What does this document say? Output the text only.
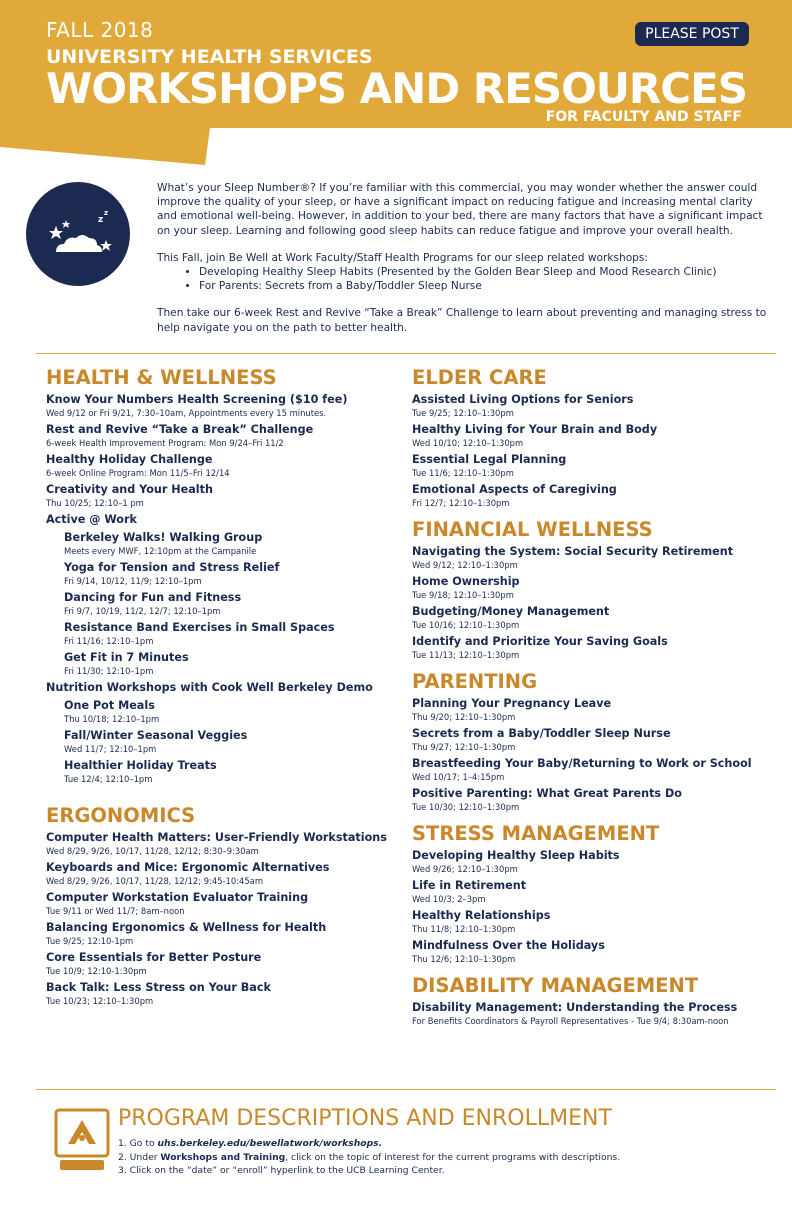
FALL 2018
UNIVERSITY HEALTH SERVICES
WORKSHOPS AND RESOURCES
FOR FACULTY AND STAFF
PLEASE POST
z
z

What’s your Sleep Number®? If you’re familiar with this commercial, you may wonder whether the answer could improve the quality of your sleep, or have a significant impact on reducing fatigue and increasing mental clarity and emotional well-being. However, in addition to your bed, there are many factors that have a significant impact on your sleep. Learning and following good sleep habits can reduce fatigue and improve your overall health.

This Fall, join Be Well at Work Faculty/Staff Health Programs for our sleep related workshops:

• Developing Healthy Sleep Habits (Presented by the Golden Bear Sleep and Mood Research Clinic)
• For Parents: Secrets from a Baby/Toddler Sleep Nurse

Then take our 6-week Rest and Revive “Take a Break” Challenge to learn about preventing and managing stress to help navigate you on the path to better health.

HEALTH & WELLNESS
Know Your Numbers Health Screening ($10 fee)
Wed 9/12 or Fri 9/21, 7:30–10am, Appointments every 15 minutes.
Rest and Revive “Take a Break” Challenge
6-week Health Improvement Program: Mon 9/24–Fri 11/2
Healthy Holiday Challenge
6-week Online Program: Mon 11/5–Fri 12/14
Creativity and Your Health
Thu 10/25; 12:10–1 pm
Active @ Work
Berkeley Walks! Walking Group
Meets every MWF, 12:10pm at the Campanile
Yoga for Tension and Stress Relief
Fri 9/14, 10/12, 11/9; 12:10–1pm
Dancing for Fun and Fitness
Fri 9/7, 10/19, 11/2, 12/7; 12:10–1pm
Resistance Band Exercises in Small Spaces
Fri 11/16; 12:10–1pm
Get Fit in 7 Minutes
Fri 11/30; 12:10–1pm
Nutrition Workshops with Cook Well Berkeley Demo
One Pot Meals
Thu 10/18; 12:10–1pm
Fall/Winter Seasonal Veggies
Wed 11/7; 12:10–1pm
Healthier Holiday Treats
Tue 12/4; 12:10–1pm
ERGONOMICS
Computer Health Matters: User-Friendly Workstations
Wed 8/29, 9/26, 10/17, 11/28, 12/12; 8:30–9:30am
Keyboards and Mice: Ergonomic Alternatives
Wed 8/29, 9/26, 10/17, 11/28, 12/12; 9:45-10:45am
Computer Workstation Evaluator Training
Tue 9/11 or Wed 11/7; 8am–noon
Balancing Ergonomics & Wellness for Health
Tue 9/25; 12:10-1pm
Core Essentials for Better Posture
Tue 10/9; 12:10-1:30pm
Back Talk: Less Stress on Your Back
Tue 10/23; 12:10–1:30pm
ELDER CARE
Assisted Living Options for Seniors
Tue 9/25; 12:10–1:30pm
Healthy Living for Your Brain and Body
Wed 10/10; 12:10–1:30pm
Essential Legal Planning
Tue 11/6; 12:10–1:30pm
Emotional Aspects of Caregiving
Fri 12/7; 12:10–1:30pm
FINANCIAL WELLNESS
Navigating the System: Social Security Retirement
Wed 9/12; 12:10–1:30pm
Home Ownership
Tue 9/18; 12:10–1:30pm
Budgeting/Money Management
Tue 10/16; 12:10–1:30pm
Identify and Prioritize Your Saving Goals
Tue 11/13; 12:10–1:30pm
PARENTING
Planning Your Pregnancy Leave
Thu 9/20; 12:10–1:30pm
Secrets from a Baby/Toddler Sleep Nurse
Thu 9/27; 12:10–1:30pm
Breastfeeding Your Baby/Returning to Work or School
Wed 10/17; 1–4:15pm
Positive Parenting: What Great Parents Do
Tue 10/30; 12:10–1:30pm
STRESS MANAGEMENT
Developing Healthy Sleep Habits
Wed 9/26; 12:10–1:30pm
Life in Retirement
Wed 10/3; 2–3pm
Healthy Relationships
Thu 11/8; 12:10–1:30pm
Mindfulness Over the Holidays
Thu 12/6; 12:10–1:30pm
DISABILITY MANAGEMENT
Disability Management: Understanding the Process
For Benefits Coordinators & Payroll Representatives - Tue 9/4; 8:30am-noon
PROGRAM DESCRIPTIONS AND ENROLLMENT
1. Go to uhs.berkeley.edu/bewellatwork/workshops.
2. Under Workshops and Training, click on the topic of interest for the current programs with descriptions.
3. Click on the “date” or “enroll” hyperlink to the UCB Learning Center.
